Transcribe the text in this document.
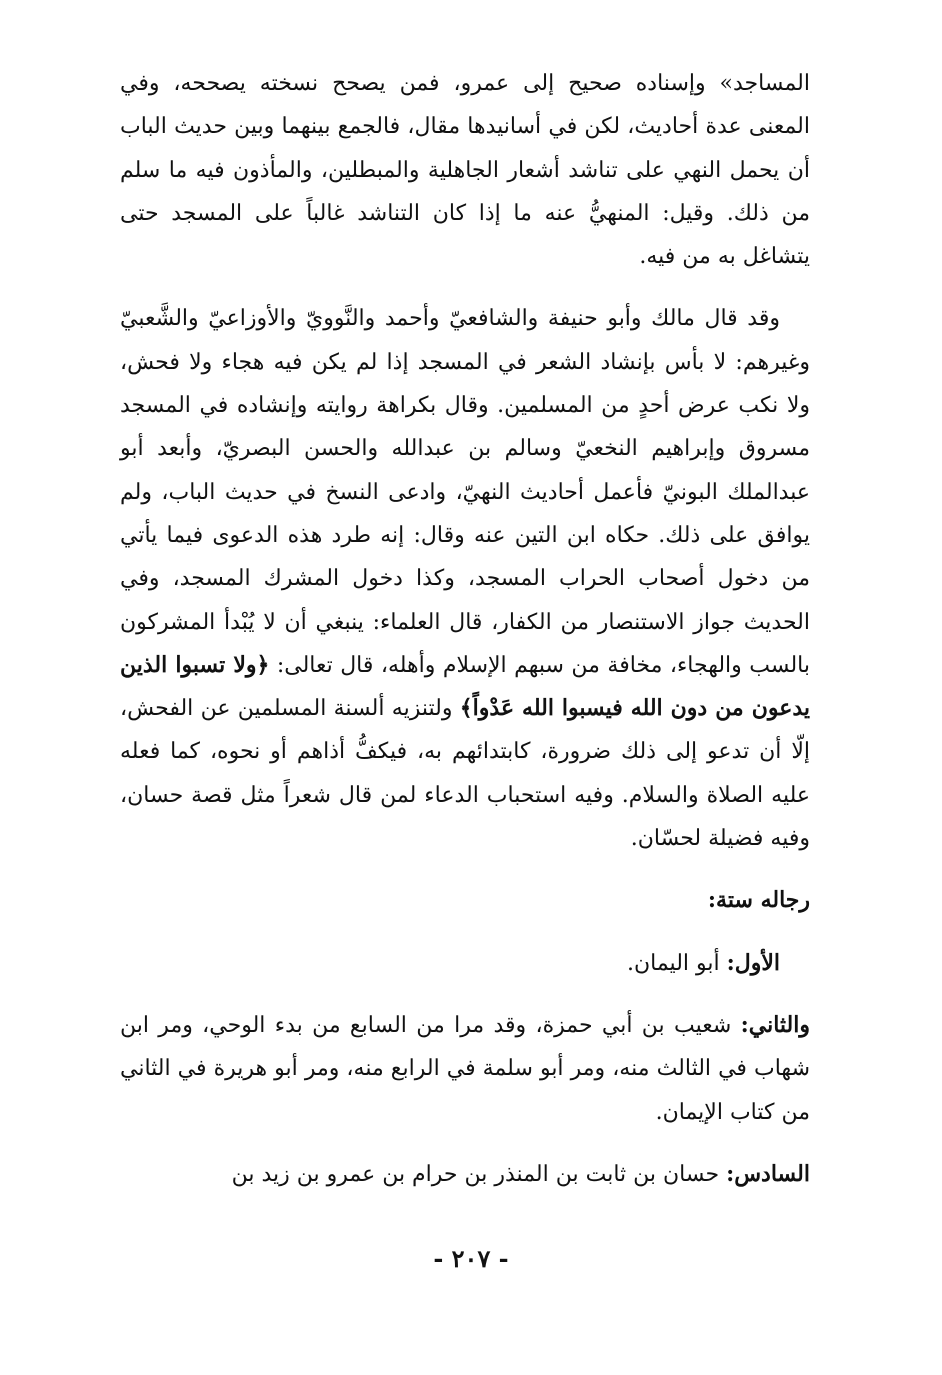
المساجد» وإسناده صحيح إلى عمرو، فمن يصحح نسخته يصححه، وفي المعنى عدة أحاديث، لكن في أسانيدها مقال، فالجمع بينهما وبين حديث الباب أن يحمل النهي على تناشد أشعار الجاهلية والمبطلين، والمأذون فيه ما سلم من ذلك. وقيل: المنهيُّ عنه ما إذا كان التناشد غالباً على المسجد حتى يتشاغل به من فيه.

وقد قال مالك وأبو حنيفة والشافعيّ وأحمد والنَّوويّ والأوزاعيّ والشَّعبيّ وغيرهم: لا بأس بإنشاد الشعر في المسجد إذا لم يكن فيه هجاء ولا فحش، ولا نكب عرض أحدٍ من المسلمين. وقال بكراهة روايته وإنشاده في المسجد مسروق وإبراهيم النخعيّ وسالم بن عبدالله والحسن البصريّ، وأبعد أبو عبدالملك البونيّ فأعمل أحاديث النهيّ، وادعى النسخ في حديث الباب، ولم يوافق على ذلك. حكاه ابن التين عنه وقال: إنه طرد هذه الدعوى فيما يأتي من دخول أصحاب الحراب المسجد، وكذا دخول المشرك المسجد، وفي الحديث جواز الاستنصار من الكفار، قال العلماء: ينبغي أن لا يُبْدأ المشركون بالسب والهجاء، مخافة من سبهم الإسلام وأهله، قال تعالى: ﴿ولا تسبوا الذين يدعون من دون الله فيسبوا الله عَدْواً﴾ ولتنزيه ألسنة المسلمين عن الفحش، إلّا أن تدعو إلى ذلك ضرورة، كابتدائهم به، فيكفُّ أذاهم أو نحوه، كما فعله عليه الصلاة والسلام. وفيه استحباب الدعاء لمن قال شعراً مثل قصة حسان، وفيه فضيلة لحسّان.

رجاله ستة:

الأول: أبو اليمان.

والثاني: شعيب بن أبي حمزة، وقد مرا من السابع من بدء الوحي، ومر ابن شهاب في الثالث منه، ومر أبو سلمة في الرابع منه، ومر أبو هريرة في الثاني من كتاب الإيمان.

السادس: حسان بن ثابت بن المنذر بن حرام بن عمرو بن زيد بن

- ٢٠٧ -
